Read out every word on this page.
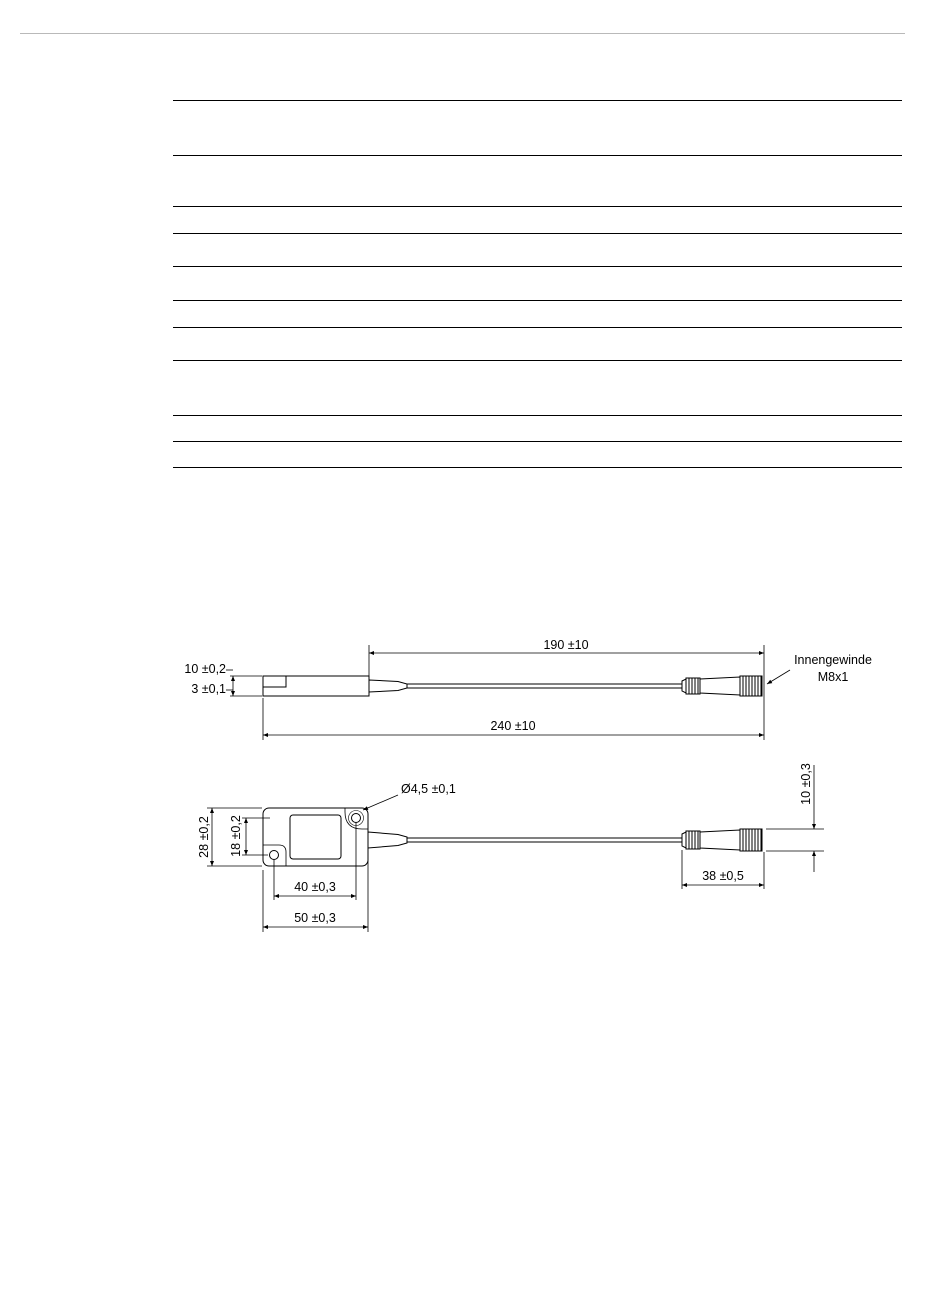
190 ±10
240 ±10
10 ±0,2
3 ±0,1
Innengewinde
M8x1
Ø4,5 ±0,1
28 ±0,2 18 ±0,2
40 ±0,3
50 ±0,3
38 ±0,5
10 ±0,3
